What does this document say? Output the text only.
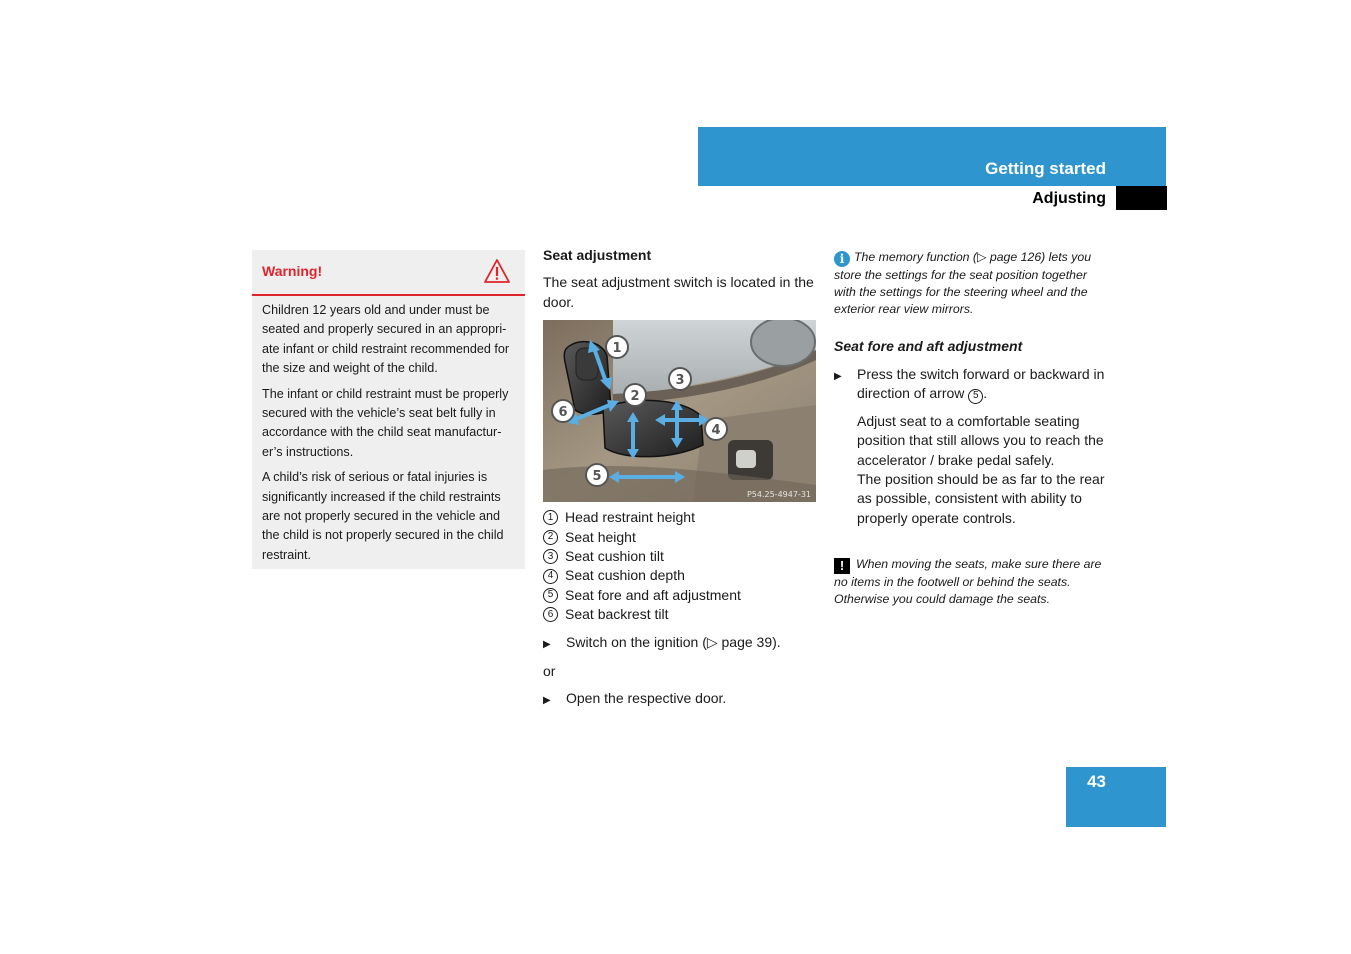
Getting started
Adjusting
Warning!

Children 12 years old and under must be seated and properly secured in an appropri-ate infant or child restraint recommended for the size and weight of the child.

The infant or child restraint must be properly secured with the vehicle’s seat belt fully in accordance with the child seat manufactur-er’s instructions.

A child’s risk of serious or fatal injuries is significantly increased if the child restraints are not properly secured in the vehicle and the child is not properly secured in the child restraint.

Seat adjustment
The seat adjustment switch is located in the door.
1
2
3
4
5
6
P54.25-4947-31
1 Head restraint height
2 Seat height
3 Seat cushion tilt
4 Seat cushion depth
5 Seat fore and aft adjustment
6 Seat backrest tilt
▶	Switch on the ignition (▷ page 39).
or
▶	Open the respective door.
i The memory function (▷ page 126) lets you store the settings for the seat position together with the settings for the steering wheel and the exterior rear view mirrors.
Seat fore and aft adjustment
▶	Press the switch forward or backward in direction of arrow 5 .
Adjust seat to a comfortable seating position that still allows you to reach the accelerator / brake pedal safely.
The position should be as far to the rear as possible, consistent with ability to properly operate controls.
! When moving the seats, make sure there are no items in the footwell or behind the seats. Otherwise you could damage the seats.
43
